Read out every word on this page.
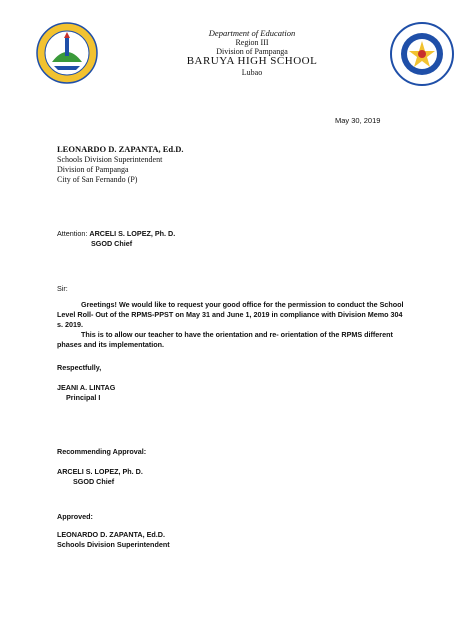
Department of Education
Region III
Division of Pampanga
BARUYA HIGH SCHOOL
Lubao
May 30, 2019
LEONARDO D. ZAPANTA, Ed.D.
Schools Division Superintendent
Division of Pampanga
City of San Fernando (P)
Attention: ARCELI S. LOPEZ, Ph. D.
SGOD Chief
Sir:
Greetings! We would like to request your good office for the permission to conduct the School
Level Roll- Out of the RPMS-PPST on May 31 and June 1, 2019 in compliance with Division Memo 304
s. 2019.
This is to allow our teacher to have the orientation and re- orientation of the RPMS different
phases and its implementation.
Respectfully,
JEANI A. LINTAG
Principal I
Recommending Approval:
ARCELI S. LOPEZ, Ph. D.
SGOD Chief
Approved:
LEONARDO D. ZAPANTA, Ed.D.
Schools Division Superintendent
